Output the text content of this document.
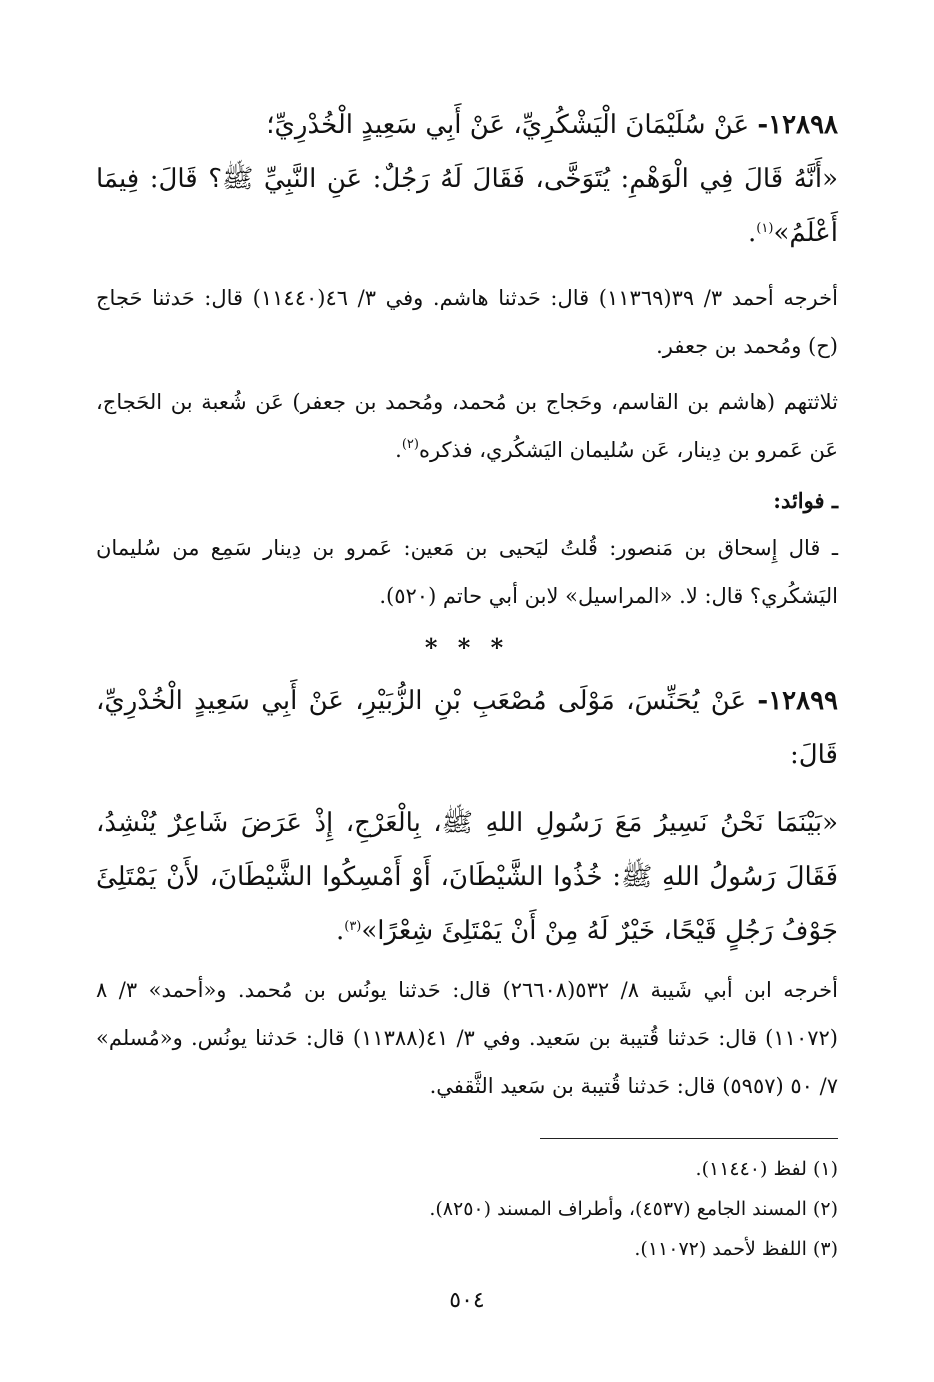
١٢٨٩٨- عَنْ سُلَيْمَانَ الْيَشْكُرِيِّ، عَنْ أَبِي سَعِيدٍ الْخُدْرِيِّ؛

«أَنَّهُ قَالَ فِي الْوَهْمِ: يُتَوَخَّى، فَقَالَ لَهُ رَجُلٌ: عَنِ النَّبِيِّ ﷺ؟ قَالَ: فِيمَا أَعْلَمُ»$^{(١)}$.

أخرجه أحمد ٣/ ٣٩(١١٣٦٩) قال: حَدثنا هاشم. وفي ٣/ ٤٦(١١٤٤٠) قال: حَدثنا حَجاج (ح) ومُحمد بن جعفر.

ثلاثتهم (هاشم بن القاسم، وحَجاج بن مُحمد، ومُحمد بن جعفر) عَن شُعبة بن الحَجاج، عَن عَمرو بن دِينار، عَن سُليمان اليَشكُري، فذكره$^{(٢)}$.

ـ فوائد:

ـ قال إِسحاق بن مَنصور: قُلتُ ليَحيى بن مَعين: عَمرو بن دِينار سَمِع من سُليمان اليَشكُري؟ قال: لا. «المراسيل» لابن أبي حاتم (٥٢٠).

* * *

١٢٨٩٩- عَنْ يُحَنِّسَ، مَوْلَى مُصْعَبِ بْنِ الزُّبَيْرِ، عَنْ أَبِي سَعِيدٍ الْخُدْرِيِّ، قَالَ:

«بَيْنَمَا نَحْنُ نَسِيرُ مَعَ رَسُولِ اللهِ ﷺ، بِالْعَرْجِ، إِذْ عَرَضَ شَاعِرٌ يُنْشِدُ، فَقَالَ رَسُولُ اللهِ ﷺ: خُذُوا الشَّيْطَانَ، أَوْ أَمْسِكُوا الشَّيْطَانَ، لأَنْ يَمْتَلِئَ جَوْفُ رَجُلٍ قَيْحًا، خَيْرٌ لَهُ مِنْ أَنْ يَمْتَلِئَ شِعْرًا»$^{(٣)}$.

أخرجه ابن أبي شَيبة ٨/ ٥٣٢(٢٦٦٠٨) قال: حَدثنا يونُس بن مُحمد. و«أحمد» ٣/ ٨ (١١٠٧٢) قال: حَدثنا قُتيبة بن سَعيد. وفي ٣/ ٤١(١١٣٨٨) قال: حَدثنا يونُس. و«مُسلم» ٧/ ٥٠ (٥٩٥٧) قال: حَدثنا قُتيبة بن سَعيد الثَّقفي.

(١) لفظ (١١٤٤٠).

(٢) المسند الجامع (٤٥٣٧)، وأطراف المسند (٨٢٥٠).

(٣) اللفظ لأحمد (١١٠٧٢).

٥٠٤
